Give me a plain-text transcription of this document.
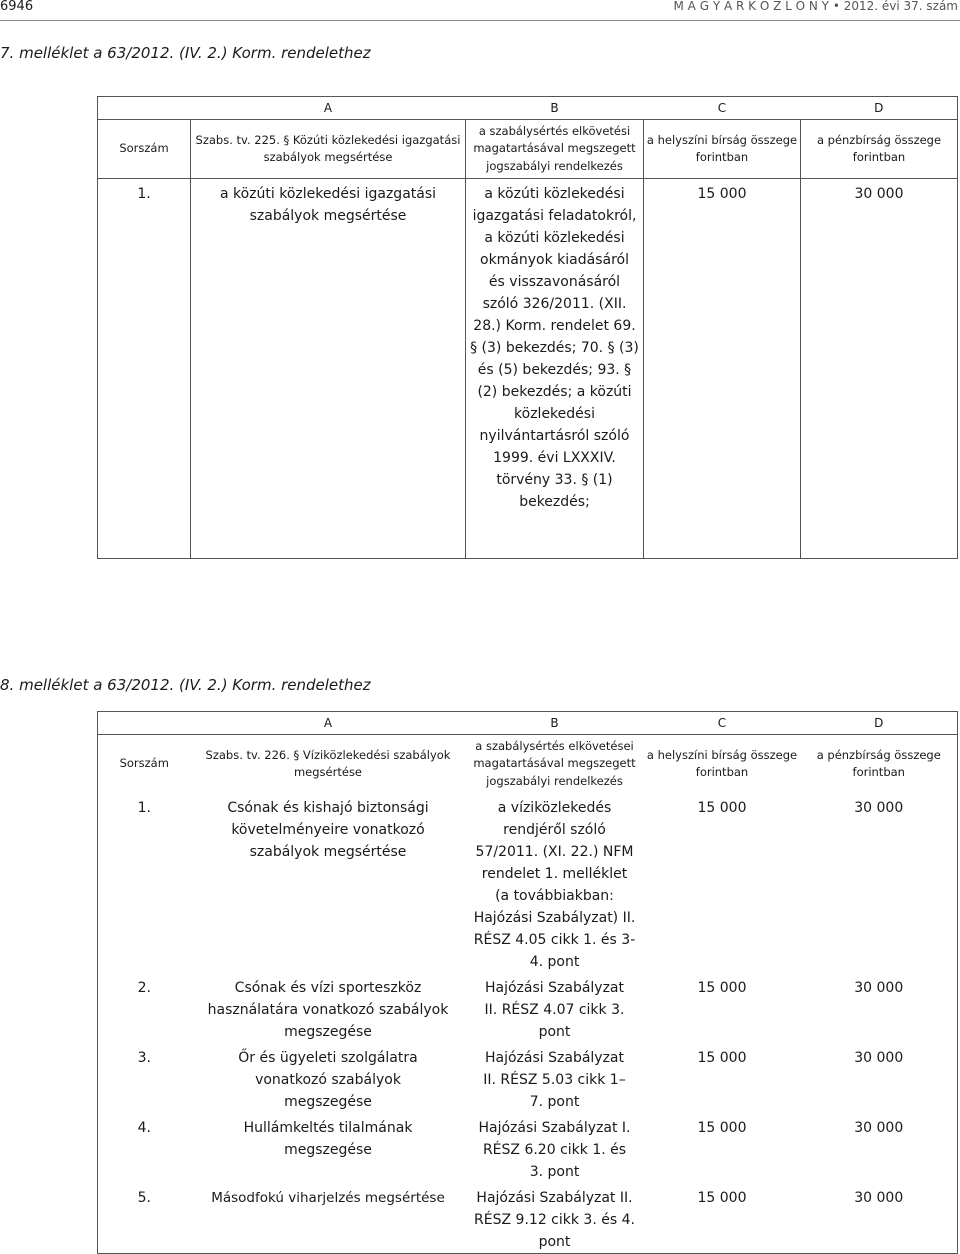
6946	M A G Y A R K Ö Z L Ö N Y • 2012. évi 37. szám
7. melléklet a 63/2012. (IV. 2.) Korm. rendelethez
	A	B	C	D
Sorszám	Szabs. tv. 225. § Közúti közlekedési igazgatási szabályok megsértése	a szabálysértés elkövetési magatartásával megszegett jogszabályi rendelkezés	a helyszíni bírság összege forintban	a pénzbírság összege forintban
1.	a közúti közlekedési igazgatási szabályok megsértése	a közúti közlekedési igazgatási feladatokról, a közúti közlekedési okmányok kiadásáról és visszavonásáról szóló 326/2011. (XII. 28.) Korm. rendelet 69. § (3) bekezdés; 70. § (3) és (5) bekezdés; 93. § (2) bekezdés; a közúti közlekedési nyilvántartásról szóló 1999. évi LXXXIV. törvény 33. § (1) bekezdés;	15 000	30 000
8. melléklet a 63/2012. (IV. 2.) Korm. rendelethez
	A	B	C	D
Sorszám	Szabs. tv. 226. § Víziközlekedési szabályok megsértése	a szabálysértés elkövetései magatartásával megszegett jogszabályi rendelkezés	a helyszíni bírság összege forintban	a pénzbírság összege forintban
1.	Csónak és kishajó biztonsági követelményeire vonatkozó szabályok megsértése	a víziközlekedés rendjéről szóló 57/2011. (XI. 22.) NFM rendelet 1. melléklet (a továbbiakban: Hajózási Szabályzat) II. RÉSZ 4.05 cikk 1. és 3-4. pont	15 000	30 000
2.	Csónak és vízi sporteszköz használatára vonatkozó szabályok megszegése	Hajózási Szabályzat II. RÉSZ 4.07 cikk 3. pont	15 000	30 000
3.	Őr és ügyeleti szolgálatra vonatkozó szabályok megszegése	Hajózási Szabályzat II. RÉSZ 5.03 cikk 1–7. pont	15 000	30 000
4.	Hullámkeltés tilalmának megszegése	Hajózási Szabályzat I. RÉSZ 6.20 cikk 1. és 3. pont	15 000	30 000
5.	Másodfokú viharjelzés megsértése	Hajózási Szabályzat II. RÉSZ 9.12 cikk 3. és 4. pont	15 000	30 000
